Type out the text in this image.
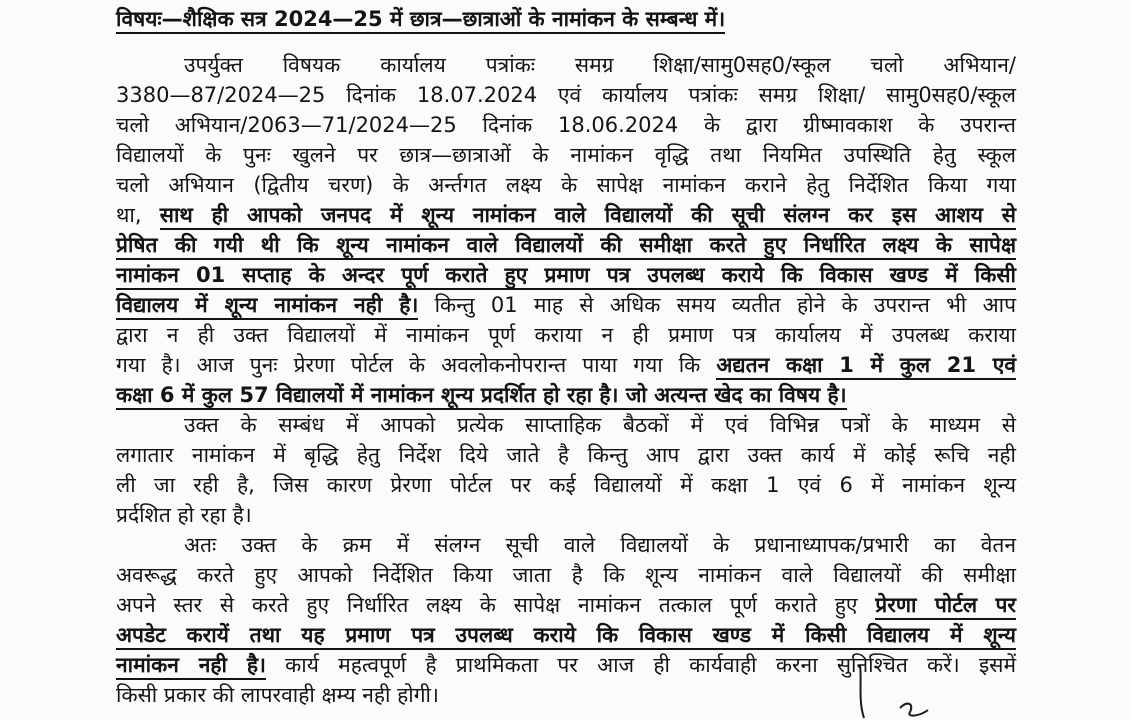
विषयः—शैक्षिक सत्र 2024—25 में छात्र—छात्राओं के नामांकन के सम्बन्ध में।
उपर्युक्त विषयक कार्यालय पत्रांकः समग्र शिक्षा/सामु0सह0/स्कूल चलो अभियान/
3380—87/2024—25 दिनांक 18.07.2024 एवं कार्यालय पत्रांकः समग्र शिक्षा/ सामु0सह0/स्कूल
चलो अभियान/2063—71/2024—25 दिनांक 18.06.2024 के द्वारा ग्रीष्मावकाश के उपरान्त
विद्यालयों के पुनः खुलने पर छात्र—छात्राओं के नामांकन वृद्धि तथा नियमित उपस्थिति हेतु स्कूल
चलो अभियान (द्वितीय चरण) के अर्न्तगत लक्ष्य के सापेक्ष नामांकन कराने हेतु निर्देशित किया गया
था, साथ ही आपको जनपद में शून्य नामांकन वाले विद्यालयों की सूची संलग्न कर इस आशय से
प्रेषित की गयी थी कि शून्य नामांकन वाले विद्यालयों की समीक्षा करते हुए निर्धारित लक्ष्य के सापेक्ष
नामांकन 01 सप्ताह के अन्दर पूर्ण कराते हुए प्रमाण पत्र उपलब्ध कराये कि विकास खण्ड में किसी
विद्यालय में शून्य नामांकन नही है। किन्तु 01 माह से अधिक समय व्यतीत होने के उपरान्त भी आप
द्वारा न ही उक्त विद्यालयों में नामांकन पूर्ण कराया न ही प्रमाण पत्र कार्यालय में उपलब्ध कराया
गया है। आज पुनः प्रेरणा पोर्टल के अवलोकनोपरान्त पाया गया कि अद्यतन कक्षा 1 में कुल 21 एवं
कक्षा 6 में कुल 57 विद्यालयों में नामांकन शून्य प्रदर्शित हो रहा है। जो अत्यन्त खेद का विषय है।
उक्त के सम्बंध में आपको प्रत्येक साप्ताहिक बैठकों में एवं विभिन्न पत्रों के माध्यम से
लगातार नामांकन में बृद्धि हेतु निर्देश दिये जाते है किन्तु आप द्वारा उक्त कार्य में कोई रूचि नही
ली जा रही है, जिस कारण प्रेरणा पोर्टल पर कई विद्यालयों में कक्षा 1 एवं 6 में नामांकन शून्य
प्रर्दशित हो रहा है।
अतः उक्त के क्रम में संलग्न सूची वाले विद्यालयों के प्रधानाध्यापक/प्रभारी का वेतन
अवरूद्ध करते हुए आपको निर्देशित किया जाता है कि शून्य नामांकन वाले विद्यालयों की समीक्षा
अपने स्तर से करते हुए निर्धारित लक्ष्य के सापेक्ष नामांकन तत्काल पूर्ण कराते हुए प्रेरणा पोर्टल पर
अपडेट करायें तथा यह प्रमाण पत्र उपलब्ध कराये कि विकास खण्ड में किसी विद्यालय में शून्य
नामांकन नही है। कार्य महत्वपूर्ण है प्राथमिकता पर आज ही कार्यवाही करना सुनिश्चित करें। इसमें
किसी प्रकार की लापरवाही क्षम्य नही होगी।
